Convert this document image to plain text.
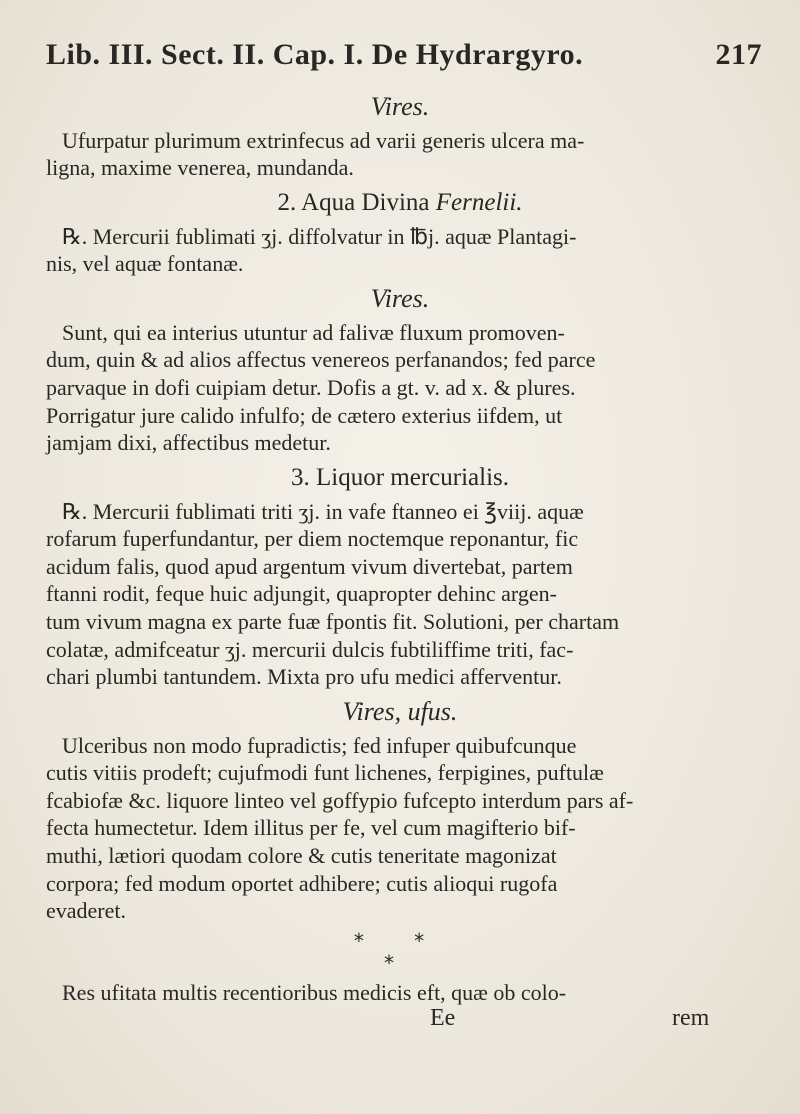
Lib. III. Sect. II. Cap. I. De Hydrargyro.	217
Vires.
Ufurpatur plurimum extrinfecus ad varii generis ulcera ma-
ligna, maxime venerea, mundanda.
2. Aqua Divina Fernelii.
℞. Mercurii fublimati ʒj. diffolvatur in ℔j. aquæ Plantagi-
nis, vel aquæ fontanæ.
Vires.
Sunt, qui ea interius utuntur ad falivæ fluxum promoven-
dum, quin & ad alios affectus venereos perfanandos; fed parce
parvaque in dofi cuipiam detur. Dofis a gt. v. ad x. & plures.
Porrigatur jure calido infulfo; de cætero exterius iifdem, ut
jamjam dixi, affectibus medetur.
3. Liquor mercurialis.
℞. Mercurii fublimati triti ʒj. in vafe ftanneo ei ℥viij. aquæ
rofarum fuperfundantur, per diem noctemque reponantur, fic
acidum falis, quod apud argentum vivum divertebat, partem
ftanni rodit, feque huic adjungit, quapropter dehinc argen-
tum vivum magna ex parte fuæ fpontis fit. Solutioni, per chartam
colatæ, admifceatur ʒj. mercurii dulcis fubtiliffime triti, fac-
chari plumbi tantundem. Mixta pro ufu medici afferventur.
Vires, ufus.
Ulceribus non modo fupradictis; fed infuper quibufcunque
cutis vitiis prodeft; cujufmodi funt lichenes, ferpigines, puftulæ
fcabiofæ &c. liquore linteo vel goffypio fufcepto interdum pars af-
fecta humectetur. Idem illitus per fe, vel cum magifterio bif-
muthi, lætiori quodam colore & cutis teneritate magonizat
corpora; fed modum oportet adhibere; cutis alioqui rugofa
evaderet.
* *
*
Res ufitata multis recentioribus medicis eft, quæ ob colo-
Ee	rem
